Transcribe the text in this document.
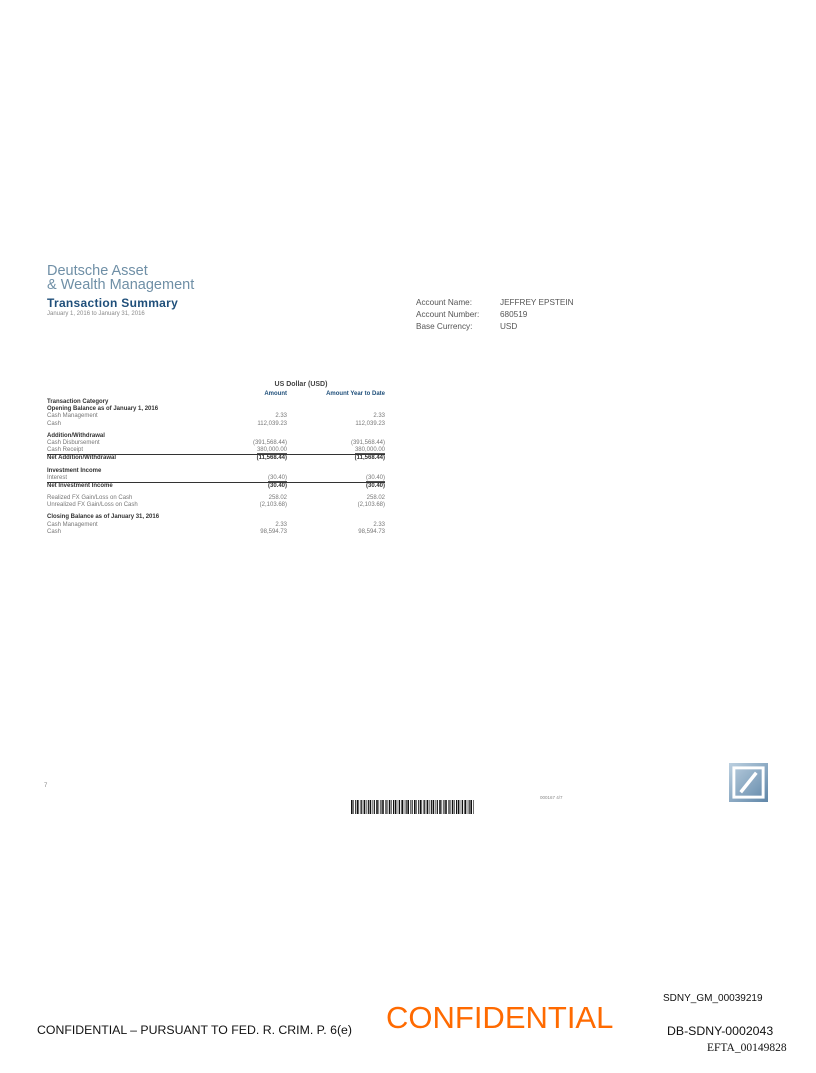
Deutsche Asset
& Wealth Management
Transaction Summary
January 1, 2016 to January 31, 2016
Account Name:	JEFFREY EPSTEIN
Account Number:	680519
Base Currency:	USD
US Dollar (USD)
Amount	Amount Year to Date
Transaction Category
Opening Balance as of January 1, 2016
Cash Management	2.33	2.33
Cash	112,039.23	112,039.23
Addition/Withdrawal
Cash Disbursement	(391,568.44)	(391,568.44)
Cash Receipt	380,000.00	380,000.00
Net Addition/Withdrawal	(11,568.44)	(11,568.44)
Investment Income
Interest	(30.40)	(30.40)
Net Investment Income	(30.40)	(30.40)
Realized FX Gain/Loss on Cash	258.02	258.02
Unrealized FX Gain/Loss on Cash	(2,103.68)	(2,103.68)
Closing Balance as of January 31, 2016
Cash Management	2.33	2.33
Cash	98,594.73	98,594.73
7
000167 4/7
SDNY_GM_00039219
CONFIDENTIAL – PURSUANT TO FED. R. CRIM. P. 6(e) CONFIDENTIAL	DB-SDNY-0002043
EFTA_00149828
